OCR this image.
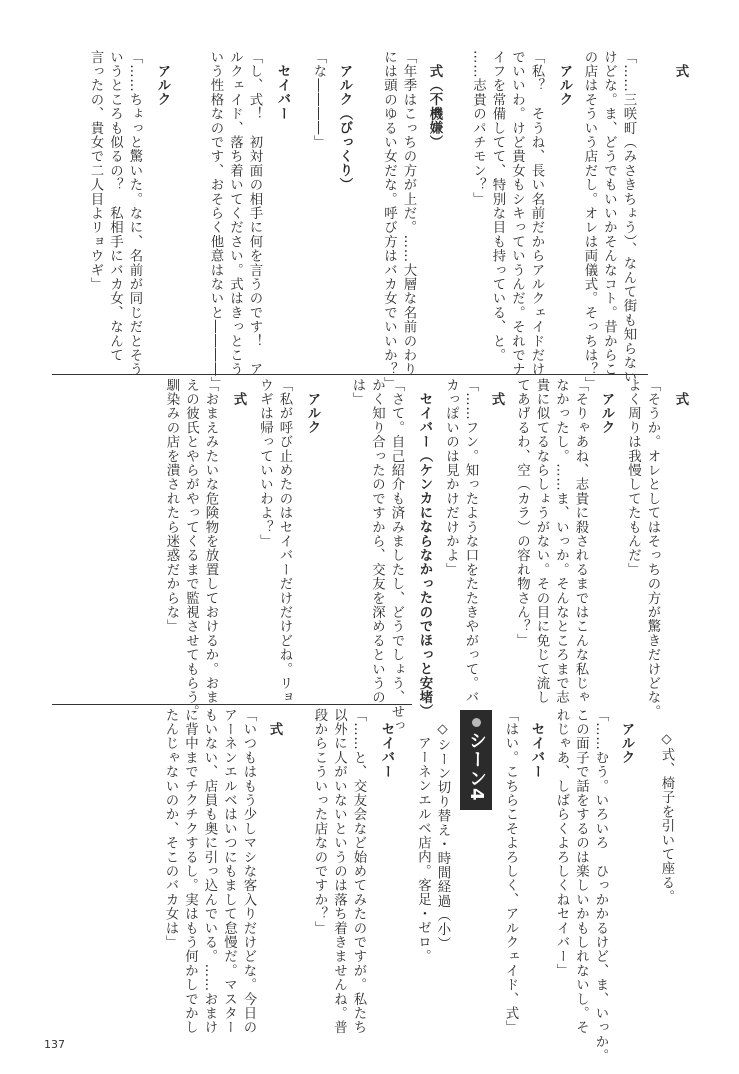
式
「……三咲町（みさきちょう）、なんて街も知らない
けどな。ま、どうでもいいかそんなコト。昔からこ
の店はそういう店だし。オレは両儀式。そっちは？」
アルク
「私？　そうね、長い名前だからアルクェイドだけ
でいいわ。けど貴女もシキっていうんだ。それでナ
イフを常備してて、特別な目も持っている、と。
……志貴のパチモン？」
式（不機嫌）
「年季はこっちの方が上だ。……大層な名前のわり
には頭のゆるい女だな。呼び方はバカ女でいいか？」
アルク（びっくり）
「な――――」
セイバー
「し、式！　初対面の相手に何を言うのです！　ア
ルクェイド、落ち着いてください。式はきっとこう
いう性格なのです、おそらく他意はないと――――」
アルク
「……ちょっと驚いた。なに、名前が同じだとそう
いうところも似るの？　私相手にバカ女、なんて
言ったの、貴女で二人目よリョウギ」
式
「そうか。オレとしてはそっちの方が驚きだけどな。
よく周りは我慢してたもんだ」
アルク
「そりゃあね、志貴に殺されるまではこんな私じゃ
なかったし。……ま、いっか。そんなところまで志
貴に似てるならしょうがない。その目に免じて流し
てあげるわ、空（カラ）の容れ物さん？」
式
「……フン。知ったような口をたたきやがって。バ
カっぽいのは見かけだけかよ」
セイバー（ケンカにならなかったのでほっと安堵）
「さて。自己紹介も済みましたし、どうでしょう、せっ
かく知り合ったのですから、交友を深めるというの
は」
アルク
「私が呼び止めたのはセイバーだけだけどね。リョ
ウギは帰っていいわよ？」
式
「おまえみたいな危険物を放置しておけるか。おま
えの彼氏とやらがやってくるまで監視させてもらう。
馴染みの店を潰されたら迷惑だからな」
◇式、椅子を引いて座る。
アルク
「……むう。いろいろ　ひっかかるけど、ま、いっか。
この面子で話をするのは楽しいかもしれないし。そ
れじゃあ、しばらくよろしくねセイバー」
セイバー
「はい。こちらこそよろしく、アルクェイド、式」
シーン4
◇シーン切り替え・時間経過（小）
　アーネンエルベ店内。客足・ゼロ。
セイバー
「……と、交友会など始めてみたのですが。私たち
以外に人がいないというのは落ち着きませんね。普
段からこういった店なのですか？」
式
「いつもはもう少しマシな客入りだけどな。今日の
アーネンエルベはいつにもまして怠慢だ。マスター
もいない、店員も奥に引っ込んでいる。……おまけ
に背中までチクチクするし。実はもう何かしでかし
たんじゃないのか、そこのバカ女は」
137
